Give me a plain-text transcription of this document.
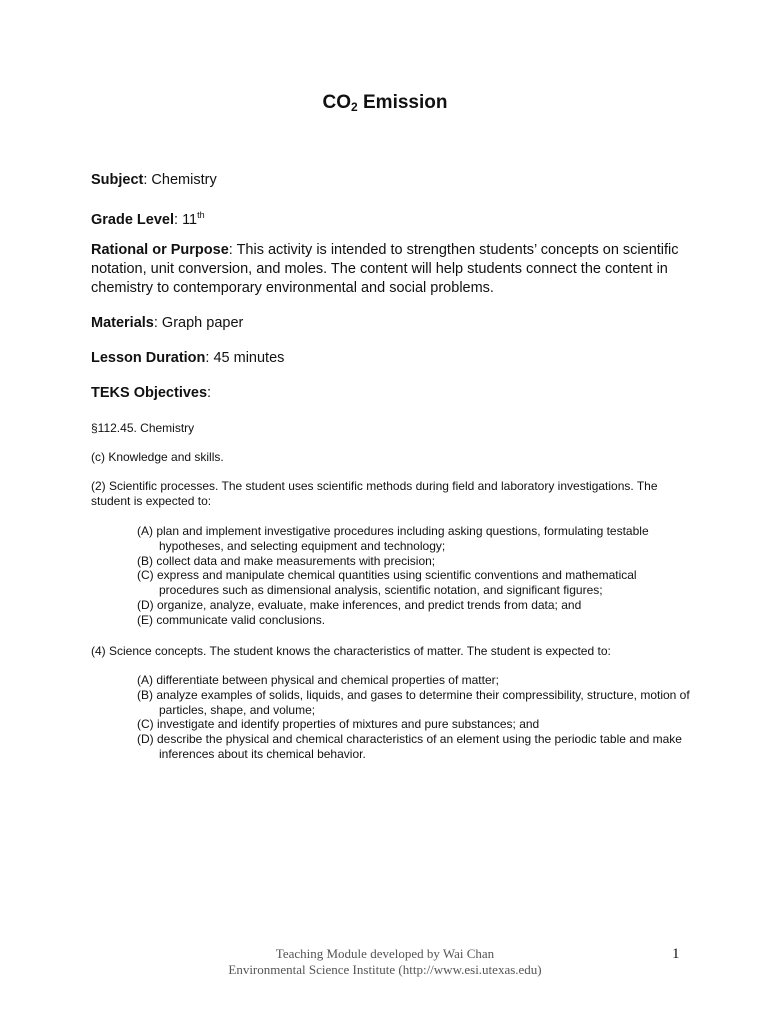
$CO_2$ Emission
Subject: Chemistry
Grade Level: 11th
Rational or Purpose: This activity is intended to strengthen students’ concepts on scientific notation, unit conversion, and moles. The content will help students connect the content in chemistry to contemporary environmental and social problems.
Materials: Graph paper
Lesson Duration: 45 minutes
TEKS Objectives:
§112.45. Chemistry
(c) Knowledge and skills.
(2) Scientific processes. The student uses scientific methods during field and laboratory investigations. The student is expected to:
(A) plan and implement investigative procedures including asking questions, formulating testable hypotheses, and selecting equipment and technology;
(B) collect data and make measurements with precision;
(C) express and manipulate chemical quantities using scientific conventions and mathematical procedures such as dimensional analysis, scientific notation, and significant figures;
(D) organize, analyze, evaluate, make inferences, and predict trends from data; and
(E) communicate valid conclusions.
(4) Science concepts. The student knows the characteristics of matter. The student is expected to:
(A) differentiate between physical and chemical properties of matter;
(B) analyze examples of solids, liquids, and gases to determine their compressibility, structure, motion of particles, shape, and volume;
(C) investigate and identify properties of mixtures and pure substances; and
(D) describe the physical and chemical characteristics of an element using the periodic table and make inferences about its chemical behavior.
Teaching Module developed by Wai Chan
Environmental Science Institute (http://www.esi.utexas.edu)
1
